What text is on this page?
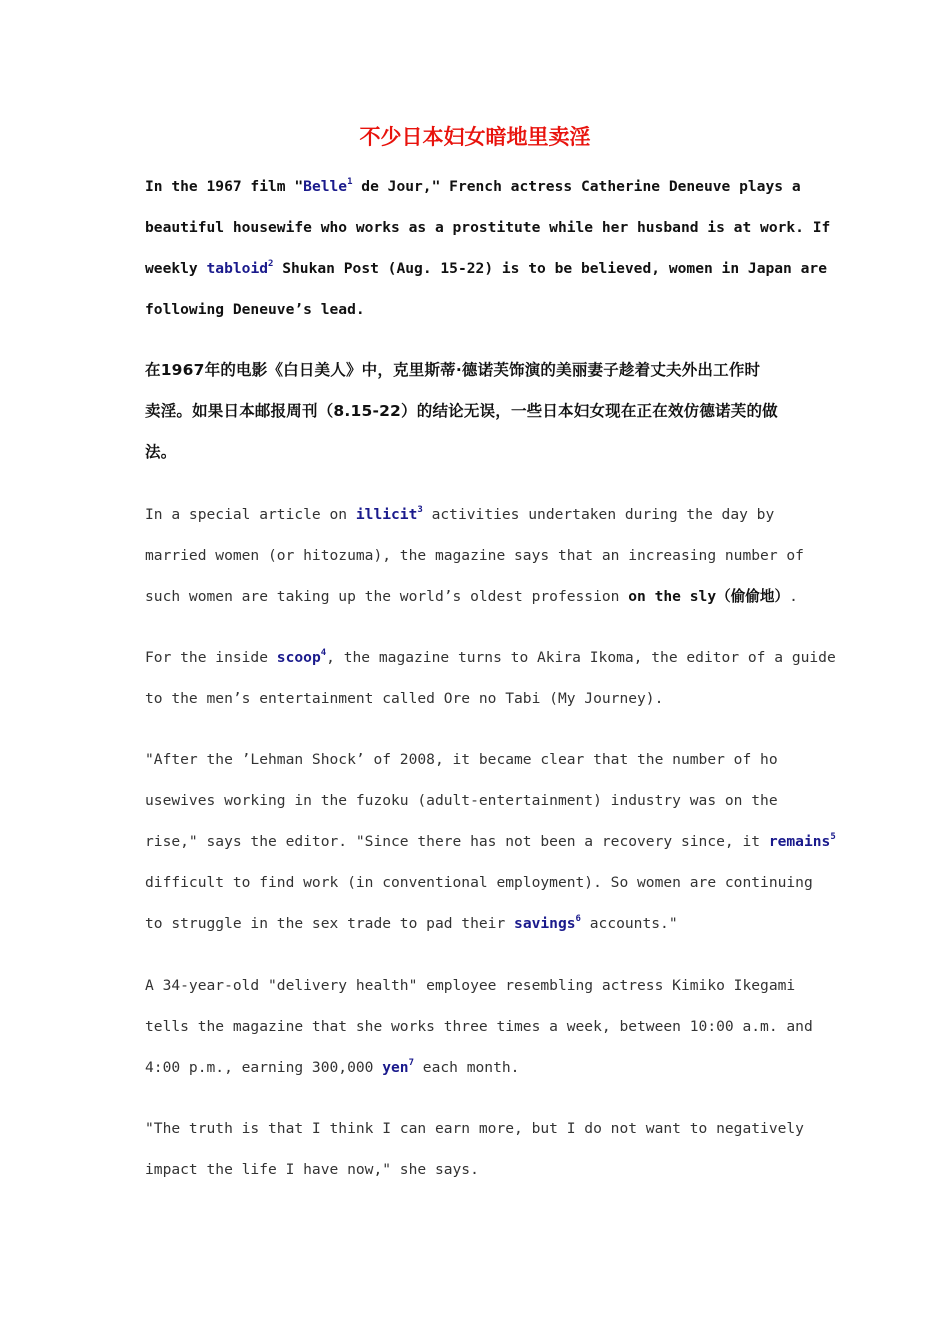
不少日本妇女暗地里卖淫
In the 1967 film "Belle$^1$ de Jour," French actress Catherine Deneuve plays a
beautiful housewife who works as a prostitute while her husband is at work. If
weekly tabloid$^2$ Shukan Post (Aug. 15-22) is to be believed, women in Japan are
following Deneuve’s lead.
在1967年的电影《白日美人》中，克里斯蒂·德诺芙饰演的美丽妻子趁着丈夫外出工作时
卖淫。如果日本邮报周刊（8.15-22）的结论无误，一些日本妇女现在正在效仿德诺芙的做
法。
In a special article on illicit$^3$ activities undertaken during the day by
married women (or hitozuma), the magazine says that an increasing number of
such women are taking up the world’s oldest profession on the sly（偷偷地）.
For the inside scoop$^4$, the magazine turns to Akira Ikoma, the editor of a guide
to the men’s entertainment called Ore no Tabi (My Journey).
"After the ’Lehman Shock’ of 2008, it became clear that the number of ho
usewives working in the fuzoku (adult-entertainment) industry was on the
rise," says the editor. "Since there has not been a recovery since, it remains$^5$
difficult to find work (in conventional employment). So women are continuing
to struggle in the sex trade to pad their savings$^6$ accounts."
A 34-year-old "delivery health" employee resembling actress Kimiko Ikegami
tells the magazine that she works three times a week, between 10:00 a.m. and
4:00 p.m., earning 300,000 yen$^7$ each month.
"The truth is that I think I can earn more, but I do not want to negatively
impact the life I have now," she says.
